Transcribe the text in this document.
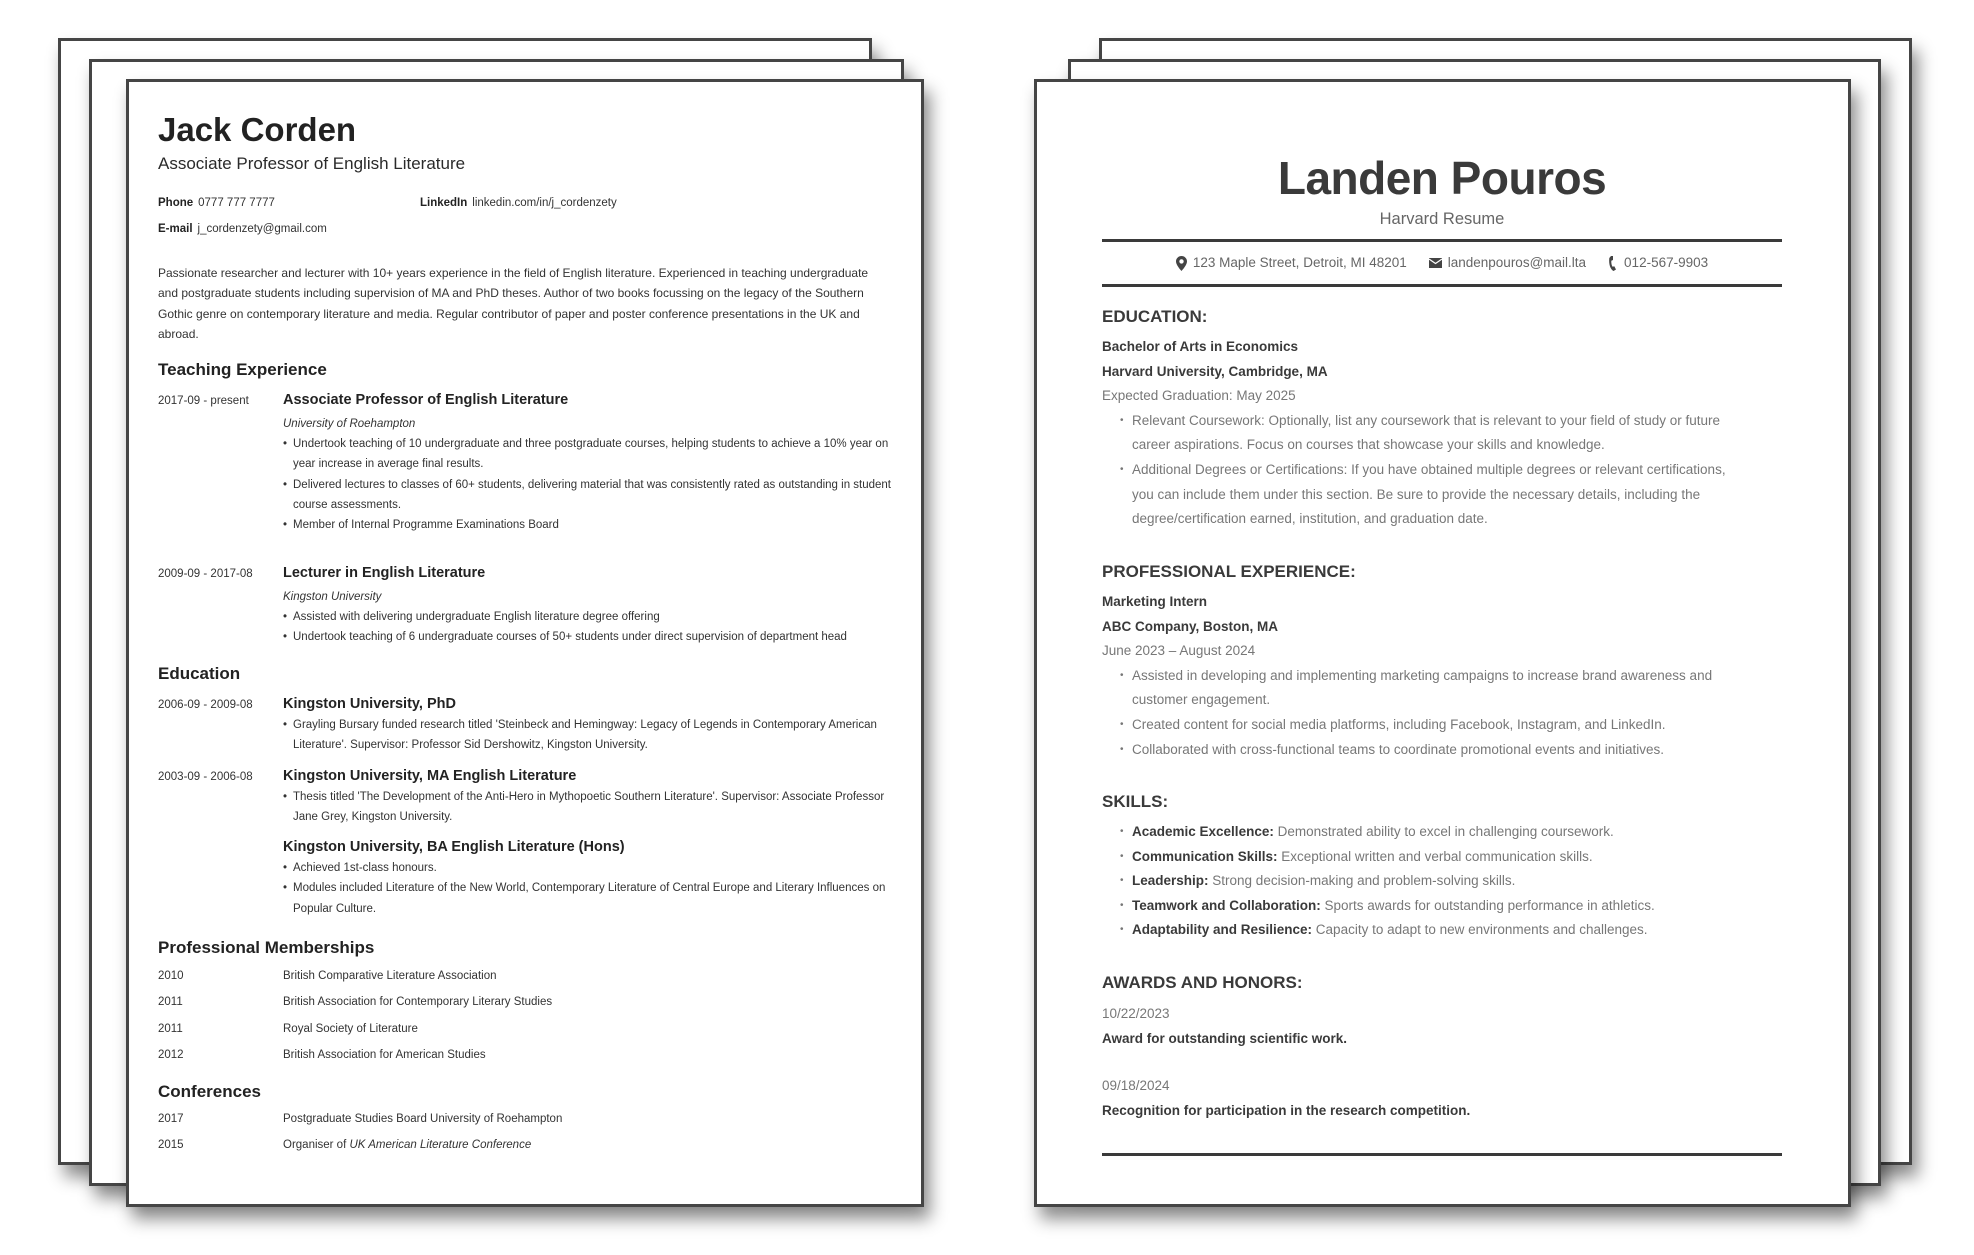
Jack Corden
Associate Professor of English Literature
Phone 0777 777 7777	LinkedIn linkedin.com/in/j_cordenzety
E-mail j_cordenzety@gmail.com
Passionate researcher and lecturer with 10+ years experience in the field of English literature. Experienced in teaching undergraduate and postgraduate students including supervision of MA and PhD theses. Author of two books focussing on the legacy of the Southern Gothic genre on contemporary literature and media. Regular contributor of paper and poster conference presentations in the UK and abroad.
Teaching Experience
2017-09 - present Associate Professor of English Literature
University of Roehampton
• Undertook teaching of 10 undergraduate and three postgraduate courses, helping students to achieve a 10% year on year increase in average final results.
• Delivered lectures to classes of 60+ students, delivering material that was consistently rated as outstanding in student course assessments.
• Member of Internal Programme Examinations Board
2009-09 - 2017-08 Lecturer in English Literature
Kingston University
• Assisted with delivering undergraduate English literature degree offering
• Undertook teaching of 6 undergraduate courses of 50+ students under direct supervision of department head
Education
2006-09 - 2009-08 Kingston University, PhD
• Grayling Bursary funded research titled 'Steinbeck and Hemingway: Legacy of Legends in Contemporary American Literature'. Supervisor: Professor Sid Dershowitz, Kingston University.
2003-09 - 2006-08 Kingston University, MA English Literature
• Thesis titled 'The Development of the Anti-Hero in Mythopoetic Southern Literature'. Supervisor: Associate Professor Jane Grey, Kingston University.
Kingston University, BA English Literature (Hons)
• Achieved 1st-class honours.
• Modules included Literature of the New World, Contemporary Literature of Central Europe and Literary Influences on Popular Culture.
Professional Memberships
2010	British Comparative Literature Association
2011	British Association for Contemporary Literary Studies
2011	Royal Society of Literature
2012	British Association for American Studies
Conferences
2017	Postgraduate Studies Board University of Roehampton
2015	Organiser of UK American Literature Conference
Landen Pouros
Harvard Resume
123 Maple Street, Detroit, MI 48201	landenpouros@mail.lta	012-567-9903
EDUCATION:
Bachelor of Arts in Economics
Harvard University, Cambridge, MA
Expected Graduation: May 2025
• Relevant Coursework: Optionally, list any coursework that is relevant to your field of study or future career aspirations. Focus on courses that showcase your skills and knowledge.
• Additional Degrees or Certifications: If you have obtained multiple degrees or relevant certifications, you can include them under this section. Be sure to provide the necessary details, including the degree/certification earned, institution, and graduation date.
PROFESSIONAL EXPERIENCE:
Marketing Intern
ABC Company, Boston, MA
June 2023 – August 2024
• Assisted in developing and implementing marketing campaigns to increase brand awareness and customer engagement.
• Created content for social media platforms, including Facebook, Instagram, and LinkedIn.
• Collaborated with cross-functional teams to coordinate promotional events and initiatives.
SKILLS:
• Academic Excellence: Demonstrated ability to excel in challenging coursework.
• Communication Skills: Exceptional written and verbal communication skills.
• Leadership: Strong decision-making and problem-solving skills.
• Teamwork and Collaboration: Sports awards for outstanding performance in athletics.
• Adaptability and Resilience: Capacity to adapt to new environments and challenges.
AWARDS AND HONORS:
10/22/2023
Award for outstanding scientific work.
09/18/2024
Recognition for participation in the research competition.
